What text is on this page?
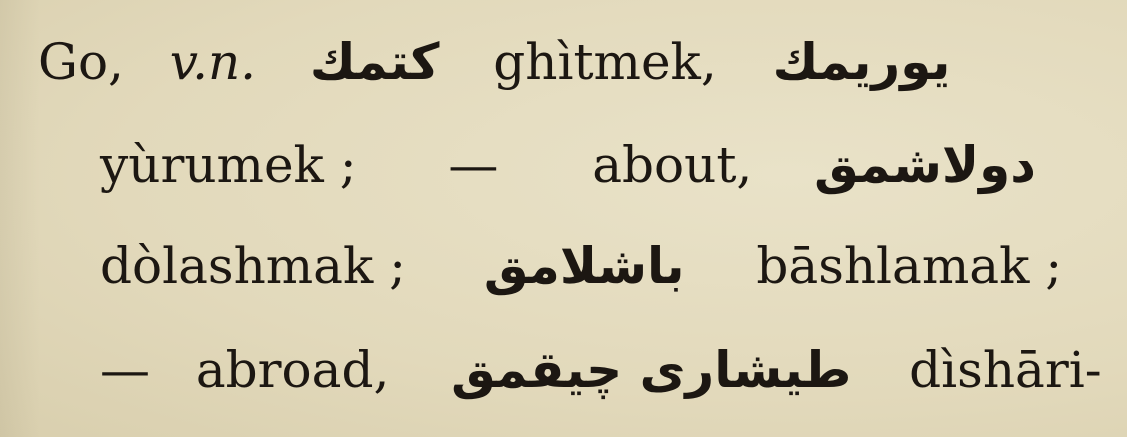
Go, v.n. کتمك ghìtmek, یوریمك
yùrumek ; — about, دولاشمق
dòlashmak ; باشلامق bāshlamak ;
— abroad, طیشاری چیقمق dìshāri-
